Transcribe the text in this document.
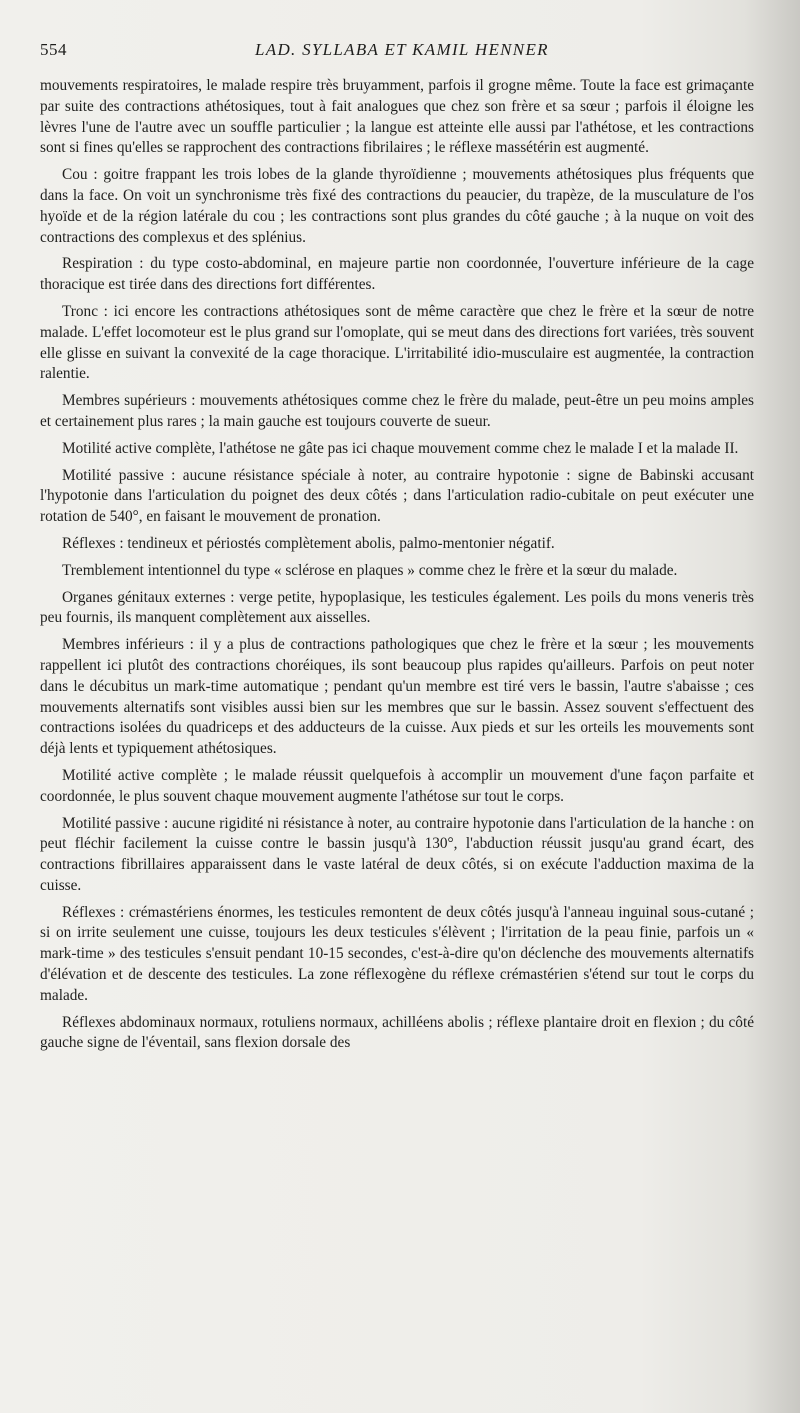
554	LAD. SYLLABA ET KAMIL HENNER

mouvements respiratoires, le malade respire très bruyamment, parfois il grogne même. Toute la face est grimaçante par suite des contractions athétosiques, tout à fait analogues que chez son frère et sa sœur ; parfois il éloigne les lèvres l'une de l'autre avec un souffle particulier ; la langue est atteinte elle aussi par l'athétose, et les contractions sont si fines qu'elles se rapprochent des contractions fibrilaires ; le réflexe massétérin est augmenté.

Cou : goitre frappant les trois lobes de la glande thyroïdienne ; mouvements athétosiques plus fréquents que dans la face. On voit un synchronisme très fixé des contractions du peaucier, du trapèze, de la musculature de l'os hyoïde et de la région latérale du cou ; les contractions sont plus grandes du côté gauche ; à la nuque on voit des contractions des complexus et des splénius.

Respiration : du type costo-abdominal, en majeure partie non coordonnée, l'ouverture inférieure de la cage thoracique est tirée dans des directions fort différentes.

Tronc : ici encore les contractions athétosiques sont de même caractère que chez le frère et la sœur de notre malade. L'effet locomoteur est le plus grand sur l'omoplate, qui se meut dans des directions fort variées, très souvent elle glisse en suivant la convexité de la cage thoracique. L'irritabilité idio-musculaire est augmentée, la contraction ralentie.

Membres supérieurs : mouvements athétosiques comme chez le frère du malade, peut-être un peu moins amples et certainement plus rares ; la main gauche est toujours couverte de sueur.

Motilité active complète, l'athétose ne gâte pas ici chaque mouvement comme chez le malade I et la malade II.

Motilité passive : aucune résistance spéciale à noter, au contraire hypotonie : signe de Babinski accusant l'hypotonie dans l'articulation du poignet des deux côtés ; dans l'articulation radio-cubitale on peut exécuter une rotation de 540°, en faisant le mouvement de pronation.

Réflexes : tendineux et périostés complètement abolis, palmo-mentonier négatif.

Tremblement intentionnel du type « sclérose en plaques » comme chez le frère et la sœur du malade.

Organes génitaux externes : verge petite, hypoplasique, les testicules également. Les poils du mons veneris très peu fournis, ils manquent complètement aux aisselles.

Membres inférieurs : il y a plus de contractions pathologiques que chez le frère et la sœur ; les mouvements rappellent ici plutôt des contractions choréiques, ils sont beaucoup plus rapides qu'ailleurs. Parfois on peut noter dans le décubitus un mark-time automatique ; pendant qu'un membre est tiré vers le bassin, l'autre s'abaisse ; ces mouvements alternatifs sont visibles aussi bien sur les membres que sur le bassin. Assez souvent s'effectuent des contractions isolées du quadriceps et des adducteurs de la cuisse. Aux pieds et sur les orteils les mouvements sont déjà lents et typiquement athétosiques.

Motilité active complète ; le malade réussit quelquefois à accomplir un mouvement d'une façon parfaite et coordonnée, le plus souvent chaque mouvement augmente l'athétose sur tout le corps.

Motilité passive : aucune rigidité ni résistance à noter, au contraire hypotonie dans l'articulation de la hanche : on peut fléchir facilement la cuisse contre le bassin jusqu'à 130°, l'abduction réussit jusqu'au grand écart, des contractions fibrillaires apparaissent dans le vaste latéral de deux côtés, si on exécute l'adduction maxima de la cuisse.

Réflexes : crémastériens énormes, les testicules remontent de deux côtés jusqu'à l'anneau inguinal sous-cutané ; si on irrite seulement une cuisse, toujours les deux testicules s'élèvent ; l'irritation de la peau finie, parfois un « mark-time » des testicules s'ensuit pendant 10-15 secondes, c'est-à-dire qu'on déclenche des mouvements alternatifs d'élévation et de descente des testicules. La zone réflexogène du réflexe crémastérien s'étend sur tout le corps du malade.

Réflexes abdominaux normaux, rotuliens normaux, achilléens abolis ; réflexe plantaire droit en flexion ; du côté gauche signe de l'éventail, sans flexion dorsale des
